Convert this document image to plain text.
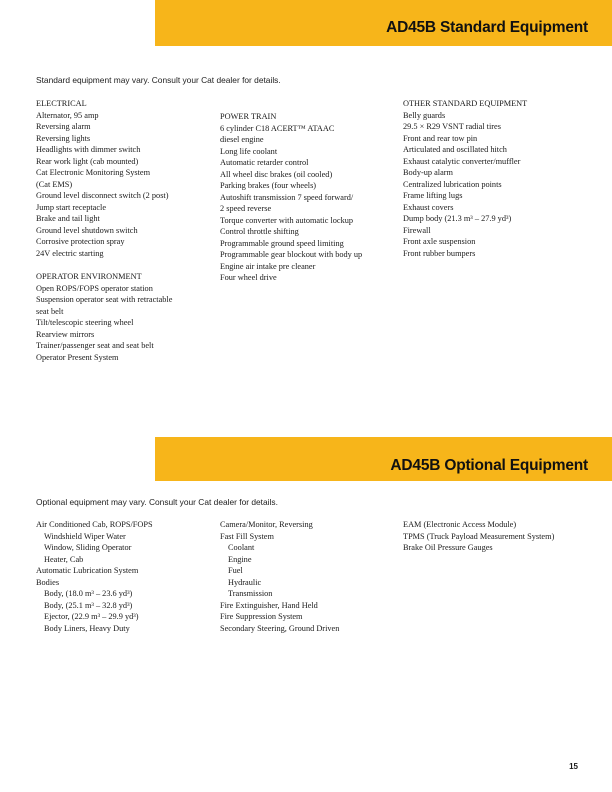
AD45B Standard Equipment
Standard equipment may vary. Consult your Cat dealer for details.
ELECTRICAL
Alternator, 95 amp
Reversing alarm
Reversing lights
Headlights with dimmer switch
Rear work light (cab mounted)
Cat Electronic Monitoring System
(Cat EMS)
Ground level disconnect switch (2 post)
Jump start receptacle
Brake and tail light
Ground level shutdown switch
Corrosive protection spray
24V electric starting
OPERATOR ENVIRONMENT
Open ROPS/FOPS operator station
Suspension operator seat with retractable
seat belt
Tilt/telescopic steering wheel
Rearview mirrors
Trainer/passenger seat and seat belt
Operator Present System
POWER TRAIN
6 cylinder C18 ACERT™ ATAAC
diesel engine
Long life coolant
Automatic retarder control
All wheel disc brakes (oil cooled)
Parking brakes (four wheels)
Autoshift transmission 7 speed forward/
2 speed reverse
Torque converter with automatic lockup
Control throttle shifting
Programmable ground speed limiting
Programmable gear blockout with body up
Engine air intake pre cleaner
Four wheel drive
OTHER STANDARD EQUIPMENT
Belly guards
29.5 × R29 VSNT radial tires
Front and rear tow pin
Articulated and oscillated hitch
Exhaust catalytic converter/muffler
Body-up alarm
Centralized lubrication points
Frame lifting lugs
Exhaust covers
Dump body (21.3 m³ – 27.9 yd³)
Firewall
Front axle suspension
Front rubber bumpers
AD45B Optional Equipment
Optional equipment may vary. Consult your Cat dealer for details.
Air Conditioned Cab, ROPS/FOPS
Windshield Wiper Water
Window, Sliding Operator
Heater, Cab
Automatic Lubrication System
Bodies
Body, (18.0 m³ – 23.6 yd³)
Body, (25.1 m³ – 32.8 yd³)
Ejector, (22.9 m³ – 29.9 yd³)
Body Liners, Heavy Duty
Camera/Monitor, Reversing
Fast Fill System
Coolant
Engine
Fuel
Hydraulic
Transmission
Fire Extinguisher, Hand Held
Fire Suppression System
Secondary Steering, Ground Driven
EAM (Electronic Access Module)
TPMS (Truck Payload Measurement System)
Brake Oil Pressure Gauges
15
